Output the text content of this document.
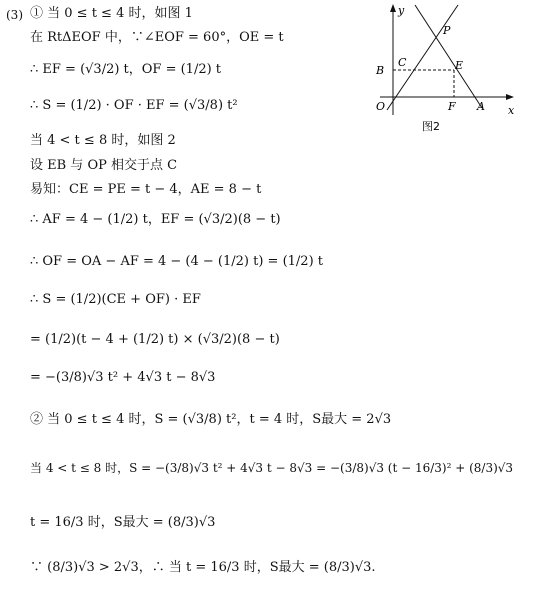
y
P
C	E
B
O	F A x
图2
(3) ① 当 0 ≤ t ≤ 4 时，如图 1
在 RtΔEOF 中，∵∠EOF = 60°，OE = t
∴ EF = (√3/2) t，OF = (1/2) t
∴ S = (1/2) · OF · EF = (√3/8) t²
当 4 < t ≤ 8 时，如图 2
设 EB 与 OP 相交于点 C
易知：CE = PE = t − 4，AE = 8 − t
∴ AF = 4 − (1/2) t，EF = (√3/2)(8 − t)
∴ OF = OA − AF = 4 − (4 − (1/2) t) = (1/2) t
∴ S = (1/2)(CE + OF) · EF
= (1/2)(t − 4 + (1/2) t) × (√3/2)(8 − t)
= −(3/8)√3 t² + 4√3 t − 8√3
② 当 0 ≤ t ≤ 4 时，S = (√3/8) t²，t = 4 时，S最大 = 2√3
当 4 < t ≤ 8 时，S = −(3/8)√3 t² + 4√3 t − 8√3 = −(3/8)√3 (t − 16/3)² + (8/3)√3
t = 16/3 时，S最大 = (8/3)√3
∵ (8/3)√3 > 2√3，∴ 当 t = 16/3 时，S最大 = (8/3)√3.
